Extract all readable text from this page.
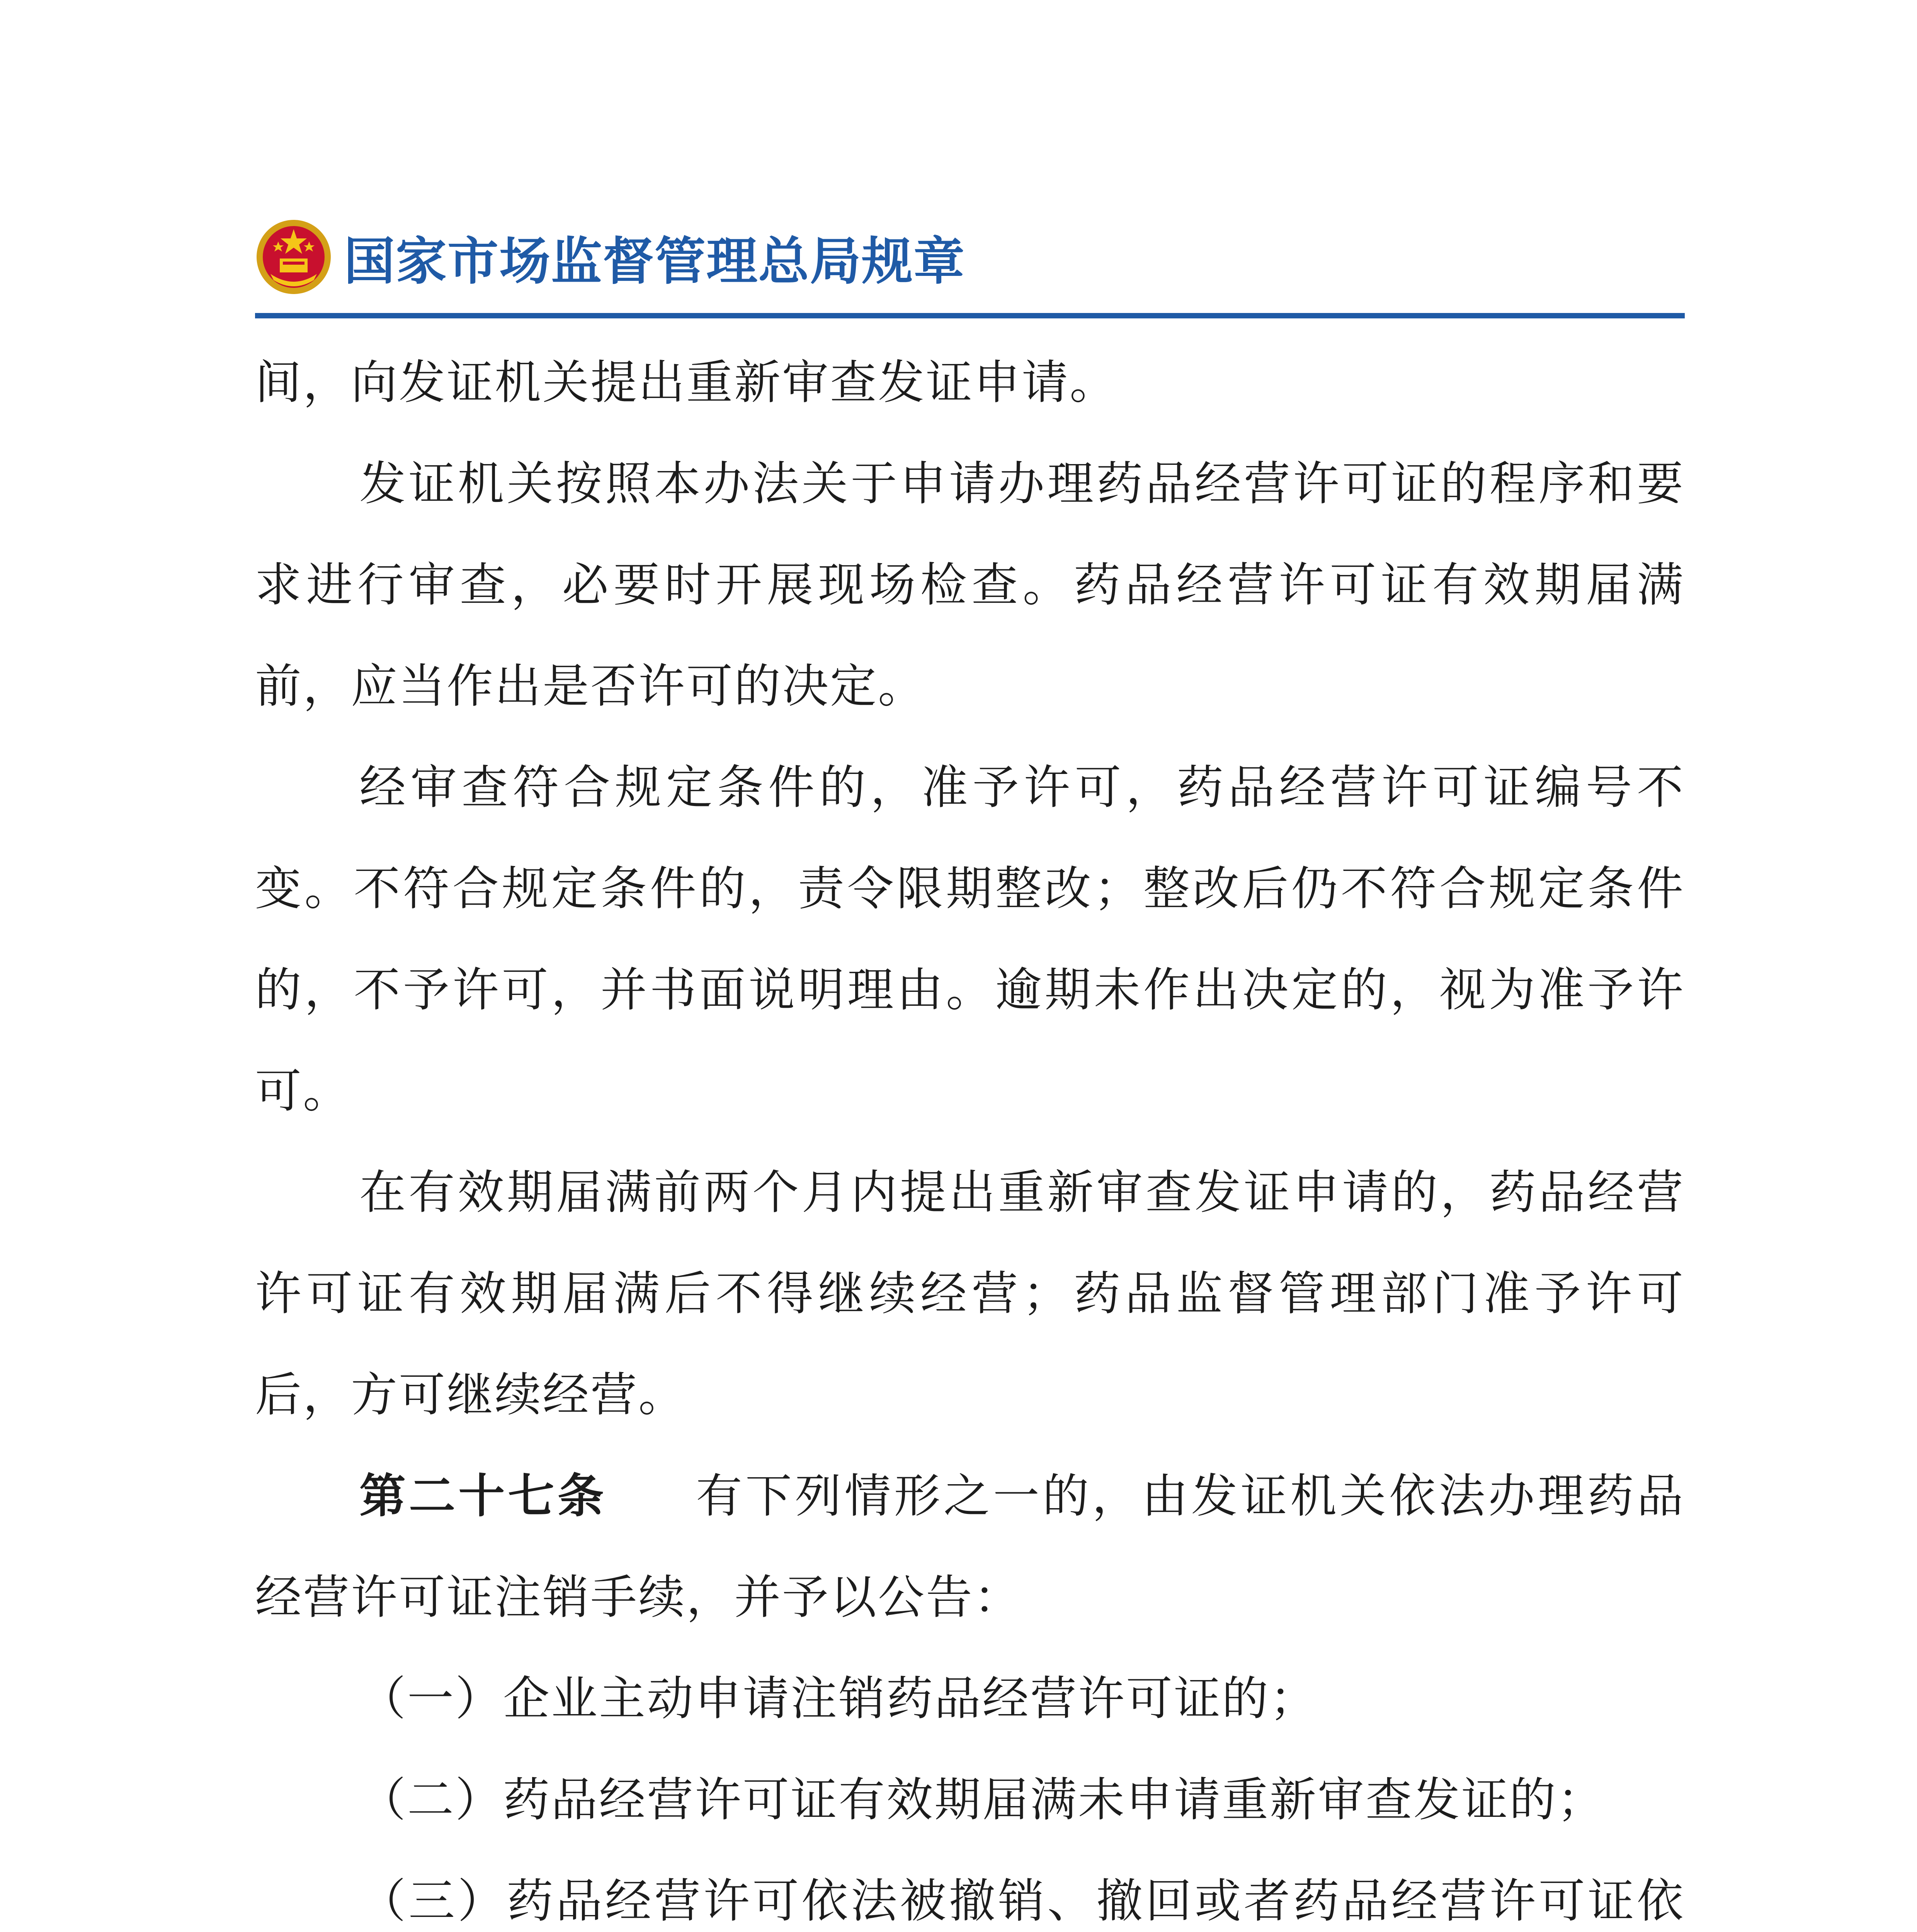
国家市场监督管理总局规章

间，向发证机关提出重新审查发证申请。

发证机关按照本办法关于申请办理药品经营许可证的程序和要求进行审查，必要时开展现场检查。药品经营许可证有效期届满前，应当作出是否许可的决定。

经审查符合规定条件的，准予许可，药品经营许可证编号不变。不符合规定条件的，责令限期整改；整改后仍不符合规定条件的，不予许可，并书面说明理由。逾期未作出决定的，视为准予许可。

在有效期届满前两个月内提出重新审查发证申请的，药品经营许可证有效期届满后不得继续经营；药品监督管理部门准予许可后，方可继续经营。

第二十七条 有下列情形之一的，由发证机关依法办理药品经营许可证注销手续，并予以公告：

（一）企业主动申请注销药品经营许可证的；

（二）药品经营许可证有效期届满未申请重新审查发证的；

（三）药品经营许可依法被撤销、撤回或者药品经营许可证依
